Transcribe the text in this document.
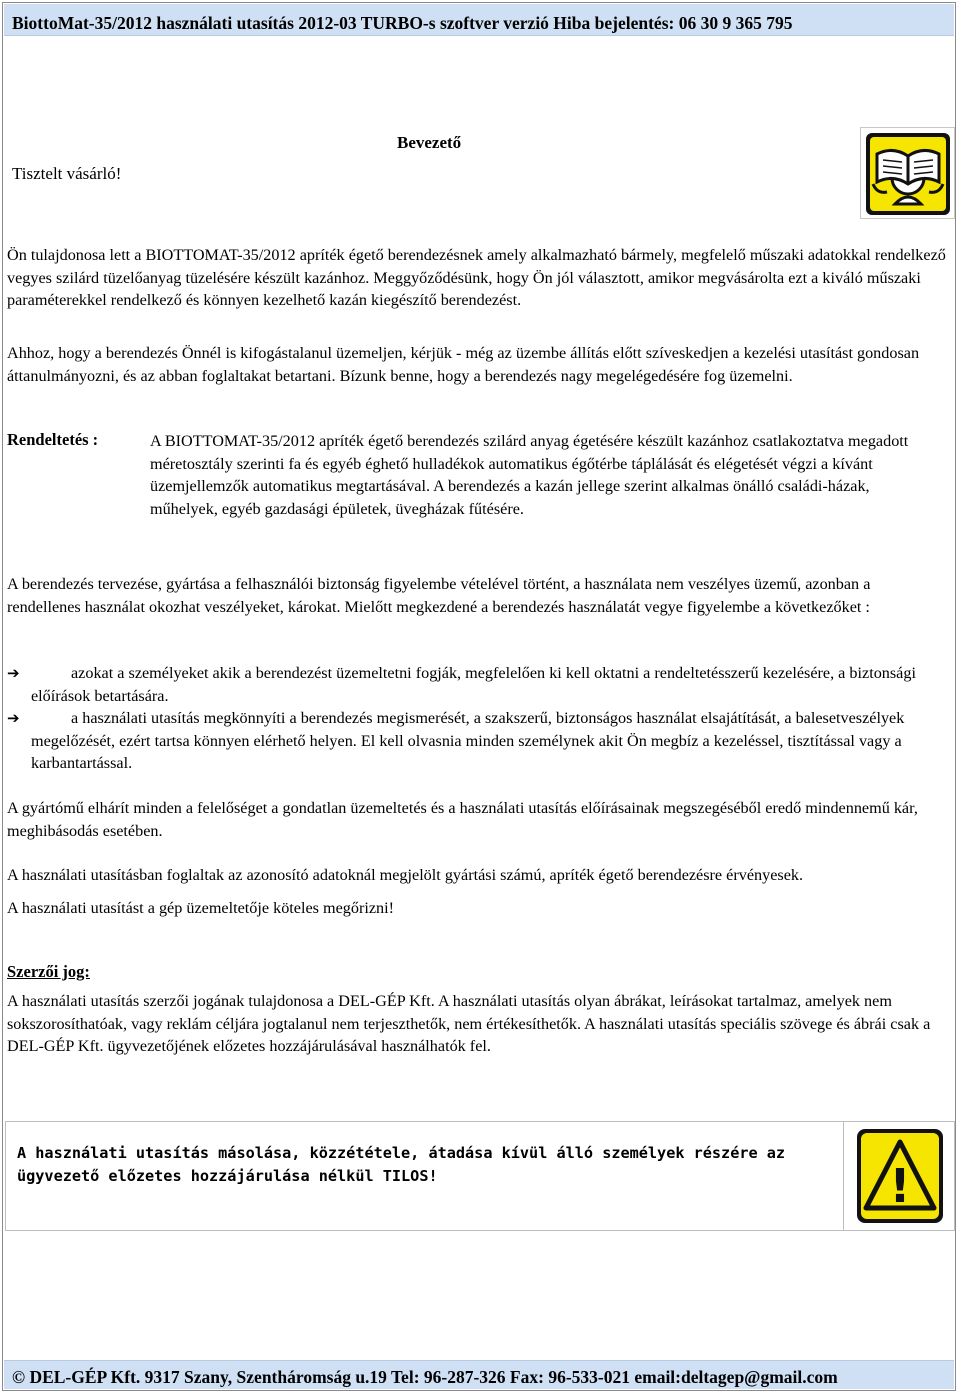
BiottoMat-35/2012 használati utasítás 2012-03 TURBO-s szoftver verzió Hiba bejelentés: 06 30 9 365 795
Bevezető
Tisztelt vásárló!

Ön tulajdonosa lett a BIOTTOMAT-35/2012 apríték égető berendezésnek amely alkalmazható bármely, megfelelő műszaki adatokkal rendelkező vegyes szilárd tüzelőanyag tüzelésére készült kazánhoz. Meggyőződésünk, hogy Ön jól választott, amikor megvásárolta ezt a kiváló műszaki paraméterekkel rendelkező és könnyen kezelhető kazán kiegészítő berendezést.

Ahhoz, hogy a berendezés Önnél is kifogástalanul üzemeljen, kérjük - még az üzembe állítás előtt szíveskedjen a kezelési utasítást gondosan áttanulmányozni, és az abban foglaltakat betartani. Bízunk benne, hogy a berendezés nagy megelégedésére fog üzemelni.

Rendeltetés :	A BIOTTOMAT-35/2012 apríték égető berendezés szilárd anyag égetésére készült kazánhoz csatlakoztatva megadott méretosztály szerinti fa és egyéb éghető hulladékok automatikus égőtérbe táplálását és elégetését végzi a kívánt üzemjellemzők automatikus megtartásával. A berendezés a kazán jellege szerint alkalmas önálló családi-házak, műhelyek, egyéb gazdasági épületek, üvegházak fűtésére.

A berendezés tervezése, gyártása a felhasználói biztonság figyelembe vételével történt, a használata nem veszélyes üzemű, azonban a rendellenes használat okozhat veszélyeket, károkat. Mielőtt megkezdené a berendezés használatát vegye figyelembe a következőket :

➔	azokat a személyeket akik a berendezést üzemeltetni fogják, megfelelően ki kell oktatni a rendeltetésszerű kezelésére, a biztonsági előírások betartására.
➔	a használati utasítás megkönnyíti a berendezés megismerését, a szakszerű, biztonságos használat elsajátítását, a balesetveszélyek megelőzését, ezért tartsa könnyen elérhető helyen. El kell olvasnia minden személynek akit Ön megbíz a kezeléssel, tisztítással vagy a karbantartással.

A gyártómű elhárít minden a felelőséget a gondatlan üzemeltetés és a használati utasítás előírásainak megszegéséből eredő mindennemű kár, meghibásodás esetében.

A használati utasításban foglaltak az azonosító adatoknál megjelölt gyártási számú, apríték égető berendezésre érvényesek.

A használati utasítást a gép üzemeltetője köteles megőrizni!

Szerzői jog:

A használati utasítás szerzői jogának tulajdonosa a DEL-GÉP Kft. A használati utasítás olyan ábrákat, leírásokat tartalmaz, amelyek nem sokszorosíthatóak, vagy reklám céljára jogtalanul nem terjeszthetők, nem értékesíthetők. A használati utasítás speciális szövege és ábrái csak a DEL-GÉP Kft. ügyvezetőjének előzetes hozzájárulásával használhatók fel.

A használati utasítás másolása, közzététele, átadása kívül álló személyek részére az ügyvezető előzetes hozzájárulása nélkül TILOS!	!
© DEL-GÉP Kft. 9317 Szany, Szentháromság u.19 Tel: 96-287-326 Fax: 96-533-021 email:deltagep@gmail.com
